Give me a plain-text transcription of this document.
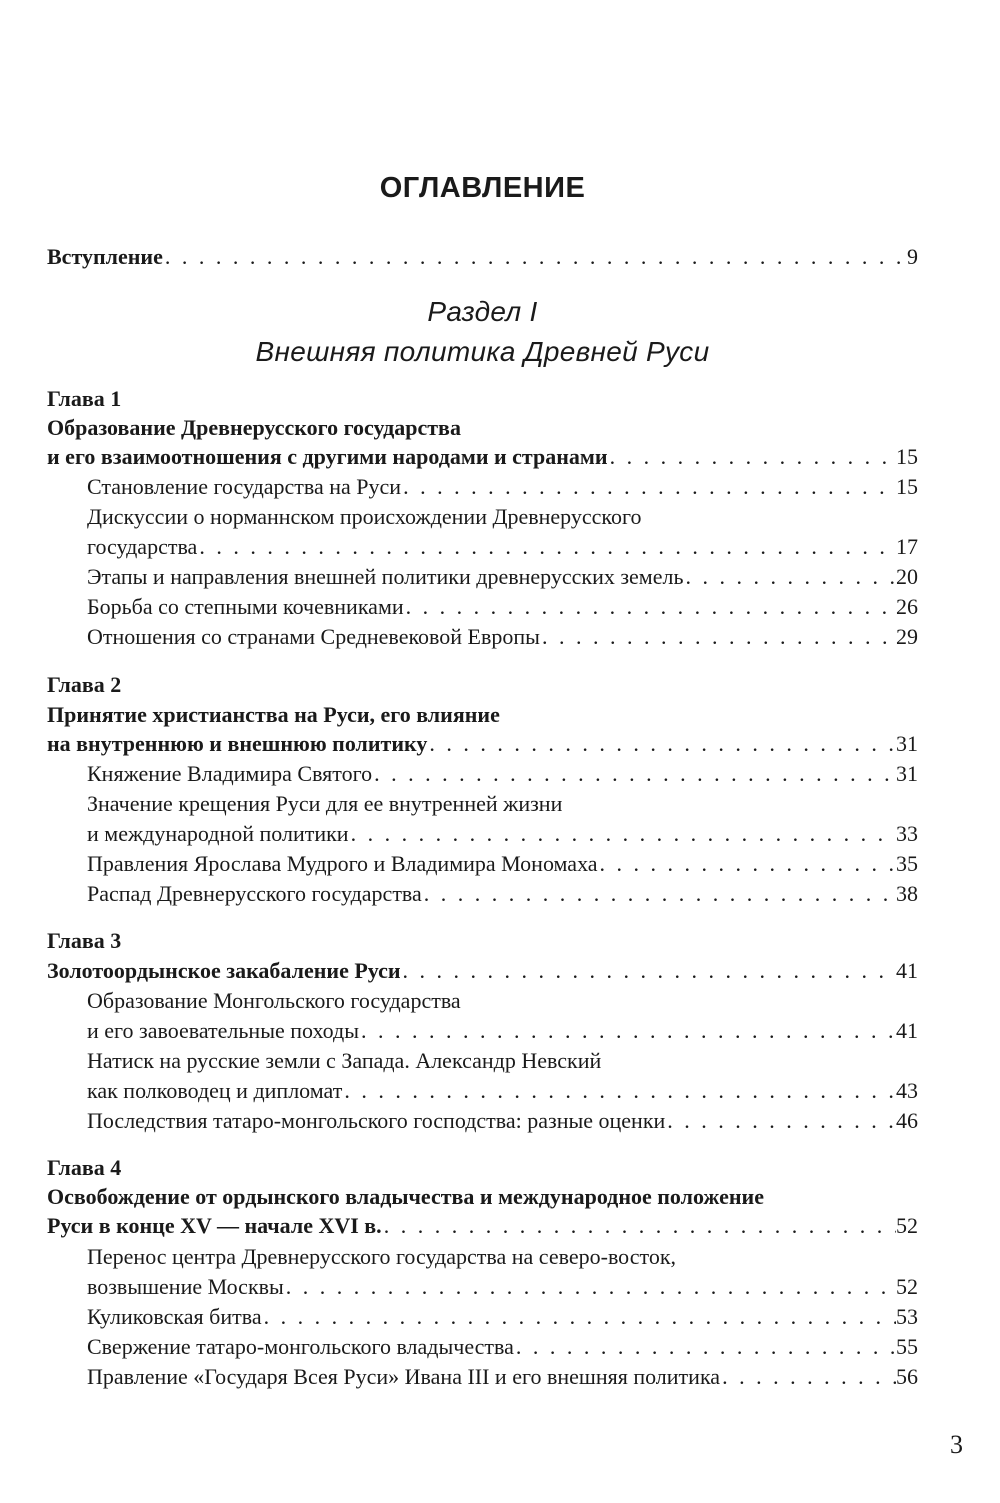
ОГЛАВЛЕНИЕ
Вступление . . .	9
Раздел I
Внешняя политика Древней Руси
Глава 1
Образование Древнерусского государства
и его взаимоотношения с другими народами и странами . . .	15
Становление государства на Руси . . .	15
Дискуссии о норманнском происхождении Древнерусского
государства . . .	17
Этапы и направления внешней политики древнерусских земель . . .	20
Борьба со степными кочевниками . . .	26
Отношения со странами Средневековой Европы . . .	29
Глава 2
Принятие христианства на Руси, его влияние
на внутреннюю и внешнюю политику . . .	31
Княжение Владимира Святого . . .	31
Значение крещения Руси для ее внутренней жизни
и международной политики . . .	33
Правления Ярослава Мудрого и Владимира Мономаха . . .	35
Распад Древнерусского государства . . .	38
Глава 3
Золотоордынское закабаление Руси . . .	41
Образование Монгольского государства
и его завоевательные походы . . .	41
Натиск на русские земли с Запада. Александр Невский
как полководец и дипломат . . .	43
Последствия татаро-монгольского господства: разные оценки . . .	46
Глава 4
Освобождение от ордынского владычества и международное положение
Руси в конце XV — начале XVI в. . . .	52
Перенос центра Древнерусского государства на северо-восток,
возвышение Москвы . . .	52
Куликовская битва . . .	53
Свержение татаро-монгольского владычества . . .	55
Правление «Государя Всея Руси» Ивана III и его внешняя политика . . .	56
3
